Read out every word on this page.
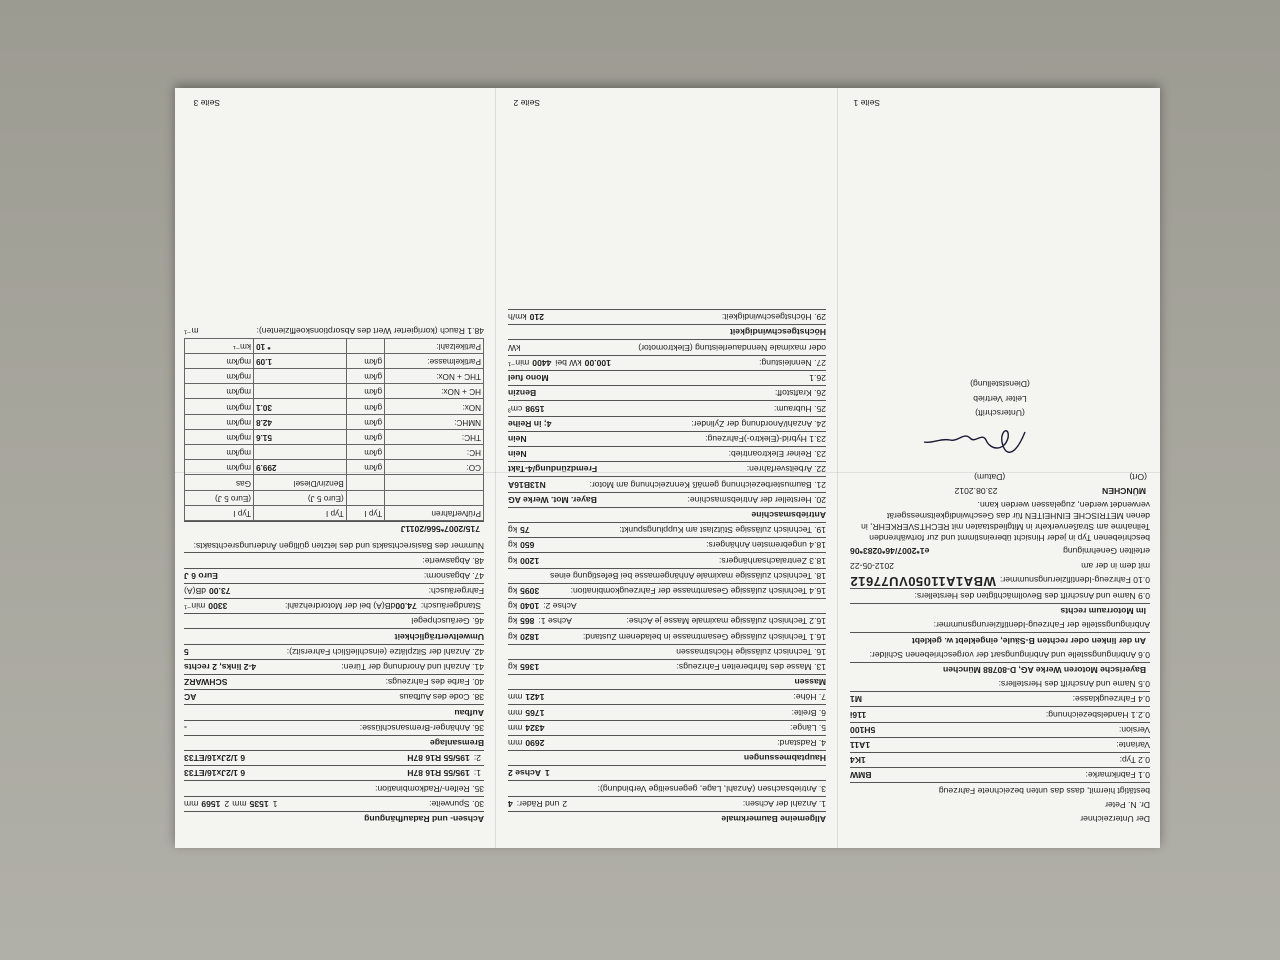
Der Unterzeichner
Dr. N. Peter
bestätigt hiermit, dass das unten bezeichnete Fahrzeug
0.1 Fabrikmarke:
BMW
0.2 Typ:
1K4
Variante:
1A11
Version:
5H100
0.2.1 Handelsbezeichnung:
116i
0.4 Fahrzeugklasse:
M1
0.5 Name und Anschrift des Herstellers:
Bayerische Motoren Werke AG, D-80788 München
0.6 Anbringungsstelle und Anbringungsart der vorgeschriebenen Schilder:
An der linken oder rechten B-Säule, eingeklebt w. geklebt
Anbringungsstelle der Fahrzeug-Identifizierungsnummer:
Im Motorraum rechts
0.9 Name und Anschrift des Bevollmächtigten des Herstellers:
0.10 Fahrzeug-Identifizierungsnummer:
WBA1A11050VU77612
mit dem in der am
2012-05-22
erteilten Genehmigung
e1*2007/46*0283*06
beschriebenen Typ in jeder Hinsicht übereinstimmt und zur fortwährenden Teilnahme am Straßenverkehr in Mitgliedstaaten mit RECHTSVERKEHR, in denen METRISCHE EINHEITEN für das Geschwindigkeitsmessgerät verwendet werden, zugelassen werden kann.
MÜNCHEN
23.08.2012
(Ort)
(Datum)
(Unterschrift)
Leiter Vertrieb
(Dienststellung)
Seite 1
Allgemeine Baumerkmale
1. Anzahl der Achsen:
2
und Räder:
4
3. Antriebsachsen (Anzahl, Lage, gegenseitige Verbindung):
1
Achse 2
Hauptabmessungen
4. Radstand:
2690
mm
5. Länge:
4324
mm
6. Breite:
1765
mm
7. Höhe:
1421
mm
Massen
13. Masse des fahrbereiten Fahrzeugs:
1365
kg
16. Technisch zulässige Höchstmassen
16.1 Technisch zulässige Gesamtmasse in beladenem Zustand:
1820
kg
16.2 Technisch zulässige maximale Masse je Achse:
Achse 1:
865
kg
Achse 2:
1040
kg
16.4 Technisch zulässige Gesamtmasse der Fahrzeugkombination:
3095
kg
18. Technisch zulässige maximale Anhängemasse bei Befestigung eines
18.3 Zentralachsanhängers:
1200
kg
18.4 ungebremsten Anhängers:
650
kg
19. Technisch zulässige Stützlast am Kupplungspunkt:
75
kg
Antriebsmaschine
20. Hersteller der Antriebsmaschine:
Bayer. Mot. Werke AG
21. Baumusterbezeichnung gemäß Kennzeichnung am Motor:
N13B16A
22. Arbeitsverfahren:
Fremdzündung/4-Takt
23. Reiner Elektroantrieb:
Nein
23.1 Hybrid-(Elektro-)Fahrzeug:
Nein
24. Anzahl/Anordnung der Zylinder:
4; in Reihe
25. Hubraum:
1598
cm³
26. Kraftstoff:
Benzin
26.1
Mono fuel
27. Nennleistung:
100.00
kW bei
4400
min⁻¹
oder maximale Nenndauerleistung (Elektromotor)
kW
Höchstgeschwindigkeit
29. Höchstgeschwindigkeit:
210
km/h
Seite 2
Achsen- und Radaufhängung
30. Spurweite:
1
1535
mm
2
1569
mm
35. Reifen-/Radkombination:
1:
195/55 R16 87H
6 1/2Jx16/ET33
2:
195/55 R16 87H
6 1/2Jx16/ET33
Bremsanlage
36. Anhänger-Bremsanschlüsse:
-
Aufbau
38. Code des Aufbaus
AC
40. Farbe des Fahrzeugs:
SCHWARZ
41. Anzahl und Anordnung der Türen:
4-2 links, 2 rechts
42. Anzahl der Sitzplätze (einschließlich Fahrersitz):
5
Umweltverträglichkeit
46. Geräuschpegel
Standgeräusch:
74.00
dB(A) bei der Motordrehzahl:
3300
min⁻¹
Fahrgeräusch:
73.00
dB(A)
47. Abgasnorm:
Euro 6 J
48. Abgaswerte:
Nummer des Basisrechtsakts und des letzten gültigen Änderungsrechtsakts:
715/2007*566/2011J
Prüfverfahren	Typ I	Typ I	Typ I
		(Euro 5 J)	(Euro 5 J)
		Benzin/Diesel	Gas
CO:	g/km	299.9	mg/km
HC:	g/km		mg/km
THC:	g/km	51.6	mg/km
NMHC:	g/km	42.8	mg/km
NOx:	g/km	30.1	mg/km
HC + NOx:	g/km		mg/km
THC + NOx:	g/km		mg/km
Partikelmasse:	g/km	1.09	mg/km
Partikelzahl:		* 10	km⁻¹
48.1 Rauch (korrigierter Wert des Absorptionskoeffizienten):
m⁻¹
Seite 3
